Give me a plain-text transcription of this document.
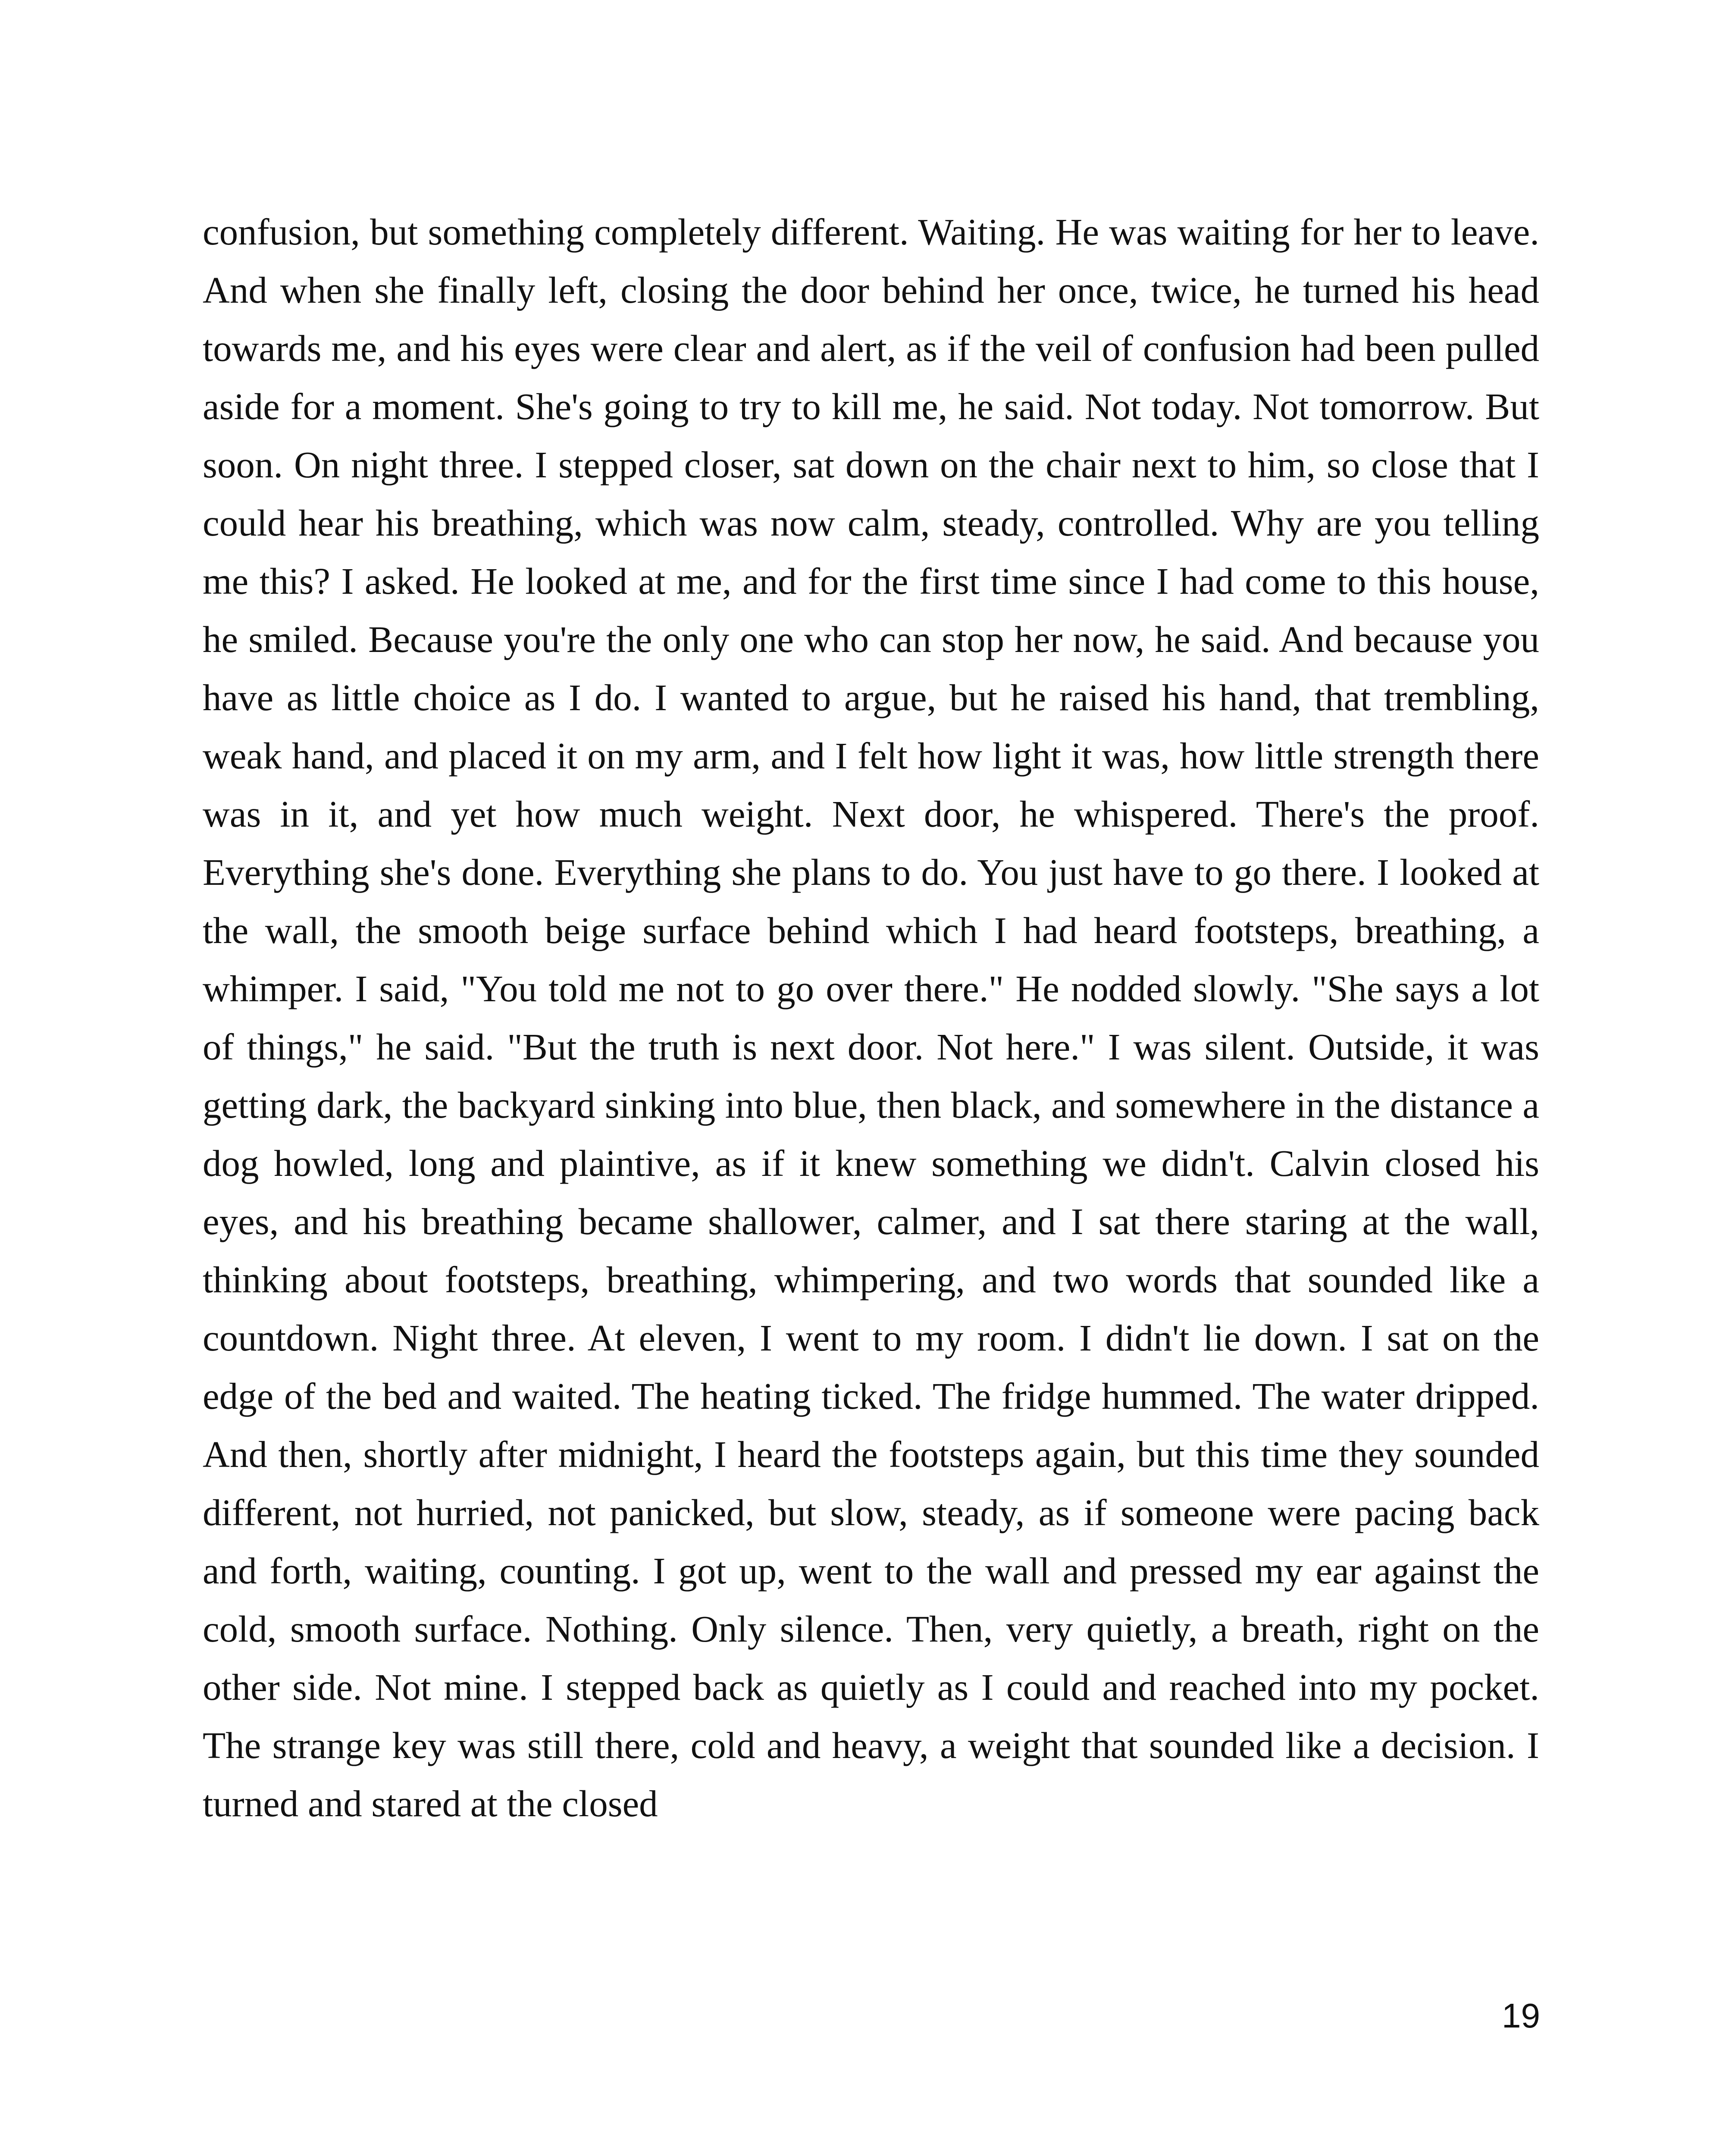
confusion, but something completely different. Waiting. He was waiting for her to leave. And when she finally left, closing the door behind her once, twice, he turned his head towards me, and his eyes were clear and alert, as if the veil of confusion had been pulled aside for a moment. She's going to try to kill me, he said. Not today. Not tomorrow. But soon. On night three. I stepped closer, sat down on the chair next to him, so close that I could hear his breathing, which was now calm, steady, controlled. Why are you telling me this? I asked. He looked at me, and for the first time since I had come to this house, he smiled. Because you're the only one who can stop her now, he said. And because you have as little choice as I do. I wanted to argue, but he raised his hand, that trembling, weak hand, and placed it on my arm, and I felt how light it was, how little strength there was in it, and yet how much weight. Next door, he whispered. There's the proof. Everything she's done. Everything she plans to do. You just have to go there. I looked at the wall, the smooth beige surface behind which I had heard footsteps, breathing, a whimper. I said, "You told me not to go over there." He nodded slowly. "She says a lot of things," he said. "But the truth is next door. Not here." I was silent. Outside, it was getting dark, the backyard sinking into blue, then black, and somewhere in the distance a dog howled, long and plaintive, as if it knew something we didn't. Calvin closed his eyes, and his breathing became shallower, calmer, and I sat there staring at the wall, thinking about footsteps, breathing, whimpering, and two words that sounded like a countdown. Night three. At eleven, I went to my room. I didn't lie down. I sat on the edge of the bed and waited. The heating ticked. The fridge hummed. The water dripped. And then, shortly after midnight, I heard the footsteps again, but this time they sounded different, not hurried, not panicked, but slow, steady, as if someone were pacing back and forth, waiting, counting. I got up, went to the wall and pressed my ear against the cold, smooth surface. Nothing. Only silence. Then, very quietly, a breath, right on the other side. Not mine. I stepped back as quietly as I could and reached into my pocket. The strange key was still there, cold and heavy, a weight that sounded like a decision. I turned and stared at the closed

19
